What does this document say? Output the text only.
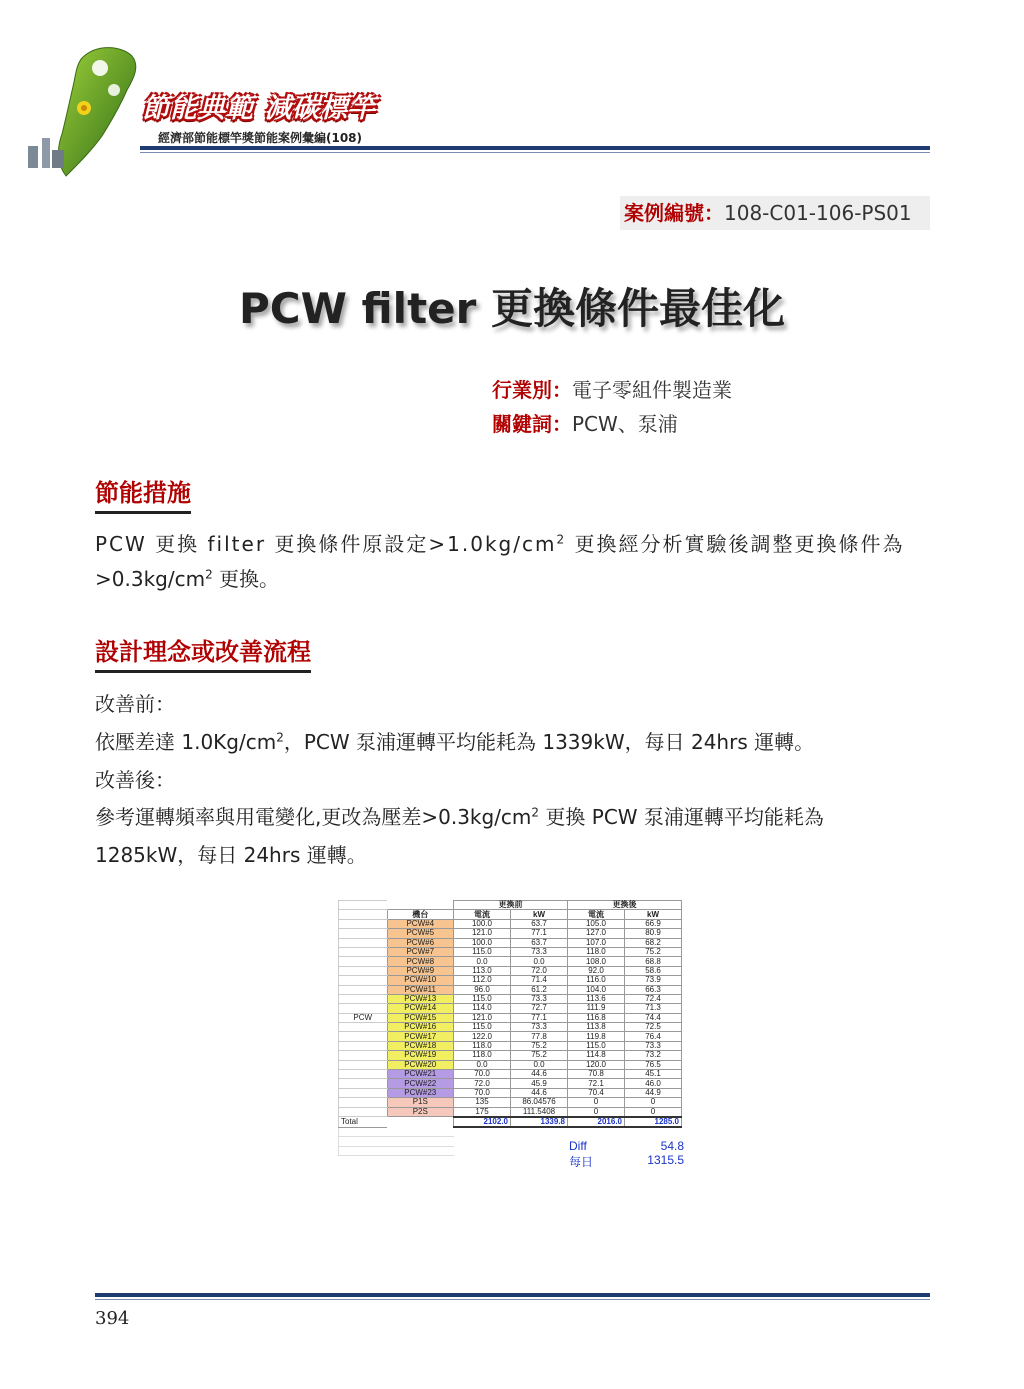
節能典範 減碳標竿
經濟部節能標竿獎節能案例彙編(108)
案例編號：108-C01-106-PS01
PCW filter 更換條件最佳化
行業別：電子零組件製造業
關鍵詞：PCW、泵浦
節能措施
PCW 更換 filter 更換條件原設定$>1.0kg/cm^2$ 更換經分析實驗後調整更換條件為
$>0.3kg/cm^2$ 更換。
設計理念或改善流程
改善前：
依壓差達 $1.0Kg/cm^2$，PCW 泵浦運轉平均能耗為 1339kW，每日 24hrs 運轉。
改善後：
參考運轉頻率與用電變化,更改為壓差$>0.3kg/cm^2$ 更換 PCW 泵浦運轉平均能耗為
1285kW，每日 24hrs 運轉。
		更換前		更換後	
	機台	電流	kW	電流	kW
	PCW#4	100.0	63.7	105.0	66.9
	PCW#5	121.0	77.1	127.0	80.9
	PCW#6	100.0	63.7	107.0	68.2
	PCW#7	115.0	73.3	118.0	75.2
	PCW#8	0.0	0.0	108.0	68.8
	PCW#9	113.0	72.0	92.0	58.6
	PCW#10	112.0	71.4	116.0	73.9
	PCW#11	96.0	61.2	104.0	66.3
	PCW#13	115.0	73.3	113.6	72.4
	PCW#14	114.0	72.7	111.9	71.3
PCW	PCW#15	121.0	77.1	116.8	74.4
	PCW#16	115.0	73.3	113.8	72.5
	PCW#17	122.0	77.8	119.8	76.4
	PCW#18	118.0	75.2	115.0	73.3
	PCW#19	118.0	75.2	114.8	73.2
	PCW#20	0.0	0.0	120.0	76.5
	PCW#21	70.0	44.6	70.8	45.1
	PCW#22	72.0	45.9	72.1	46.0
	PCW#23	70.0	44.6	70.4	44.9
	P1S	135	86.04576	0	0
	P2S	175	111.5408	0	0
Total		2102.0	1339.8	2016.0	1285.0

Diff	54.8
每日	1315.5
394
